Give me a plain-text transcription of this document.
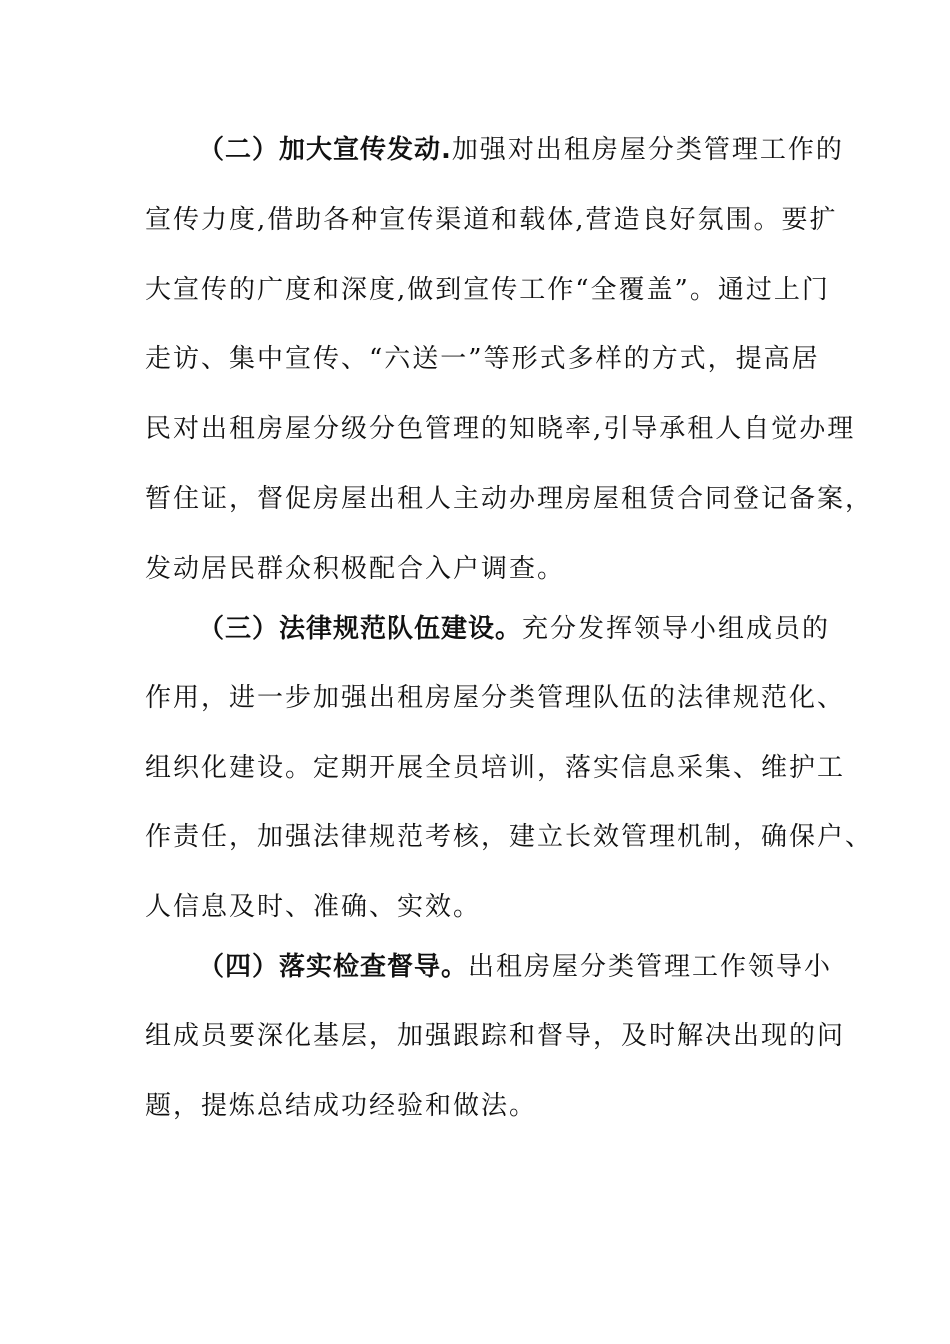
（二）加大宣传发动.加强对出租房屋分类管理工作的
宣传力度,借助各种宣传渠道和载体,营造良好氛围。要扩
大宣传的广度和深度,做到宣传工作“全覆盖”。通过上门
走访、集中宣传、“六送一”等形式多样的方式，提高居
民对出租房屋分级分色管理的知晓率,引导承租人自觉办理
暂住证，督促房屋出租人主动办理房屋租赁合同登记备案，
发动居民群众积极配合入户调查。
（三）法律规范队伍建设。充分发挥领导小组成员的
作用，进一步加强出租房屋分类管理队伍的法律规范化、
组织化建设。定期开展全员培训，落实信息采集、维护工
作责任，加强法律规范考核，建立长效管理机制，确保户、
人信息及时、准确、实效。
（四）落实检查督导。出租房屋分类管理工作领导小
组成员要深化基层，加强跟踪和督导，及时解决出现的问
题，提炼总结成功经验和做法。
